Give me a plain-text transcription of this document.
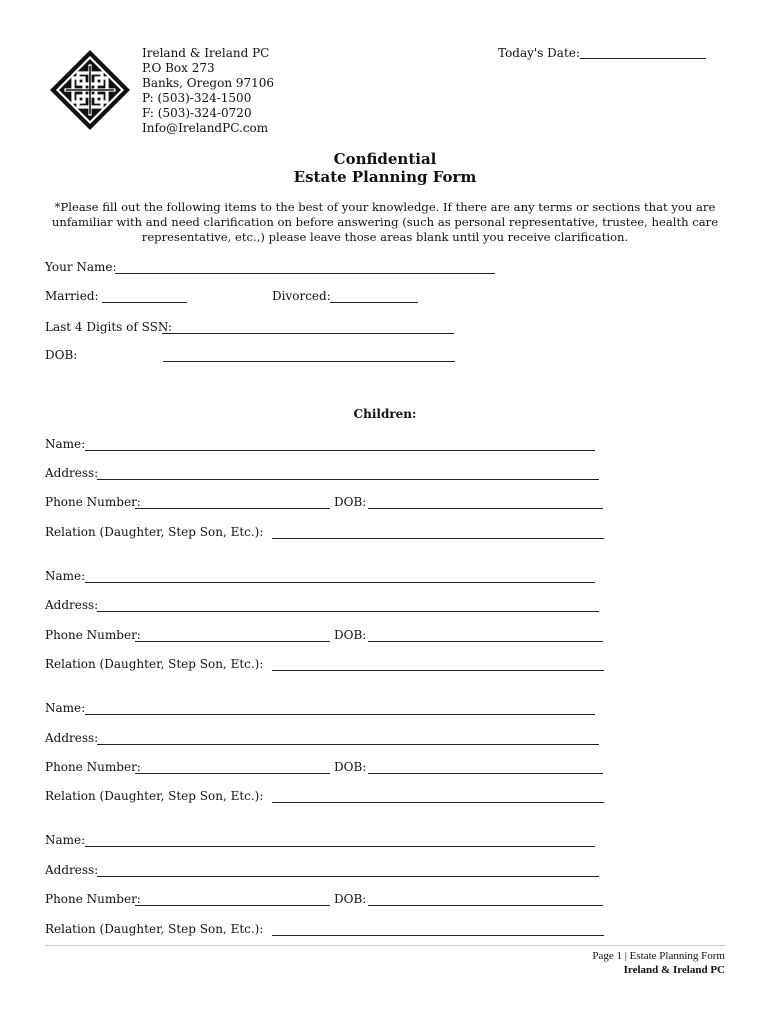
Ireland & Ireland PC
P.O Box 273
Banks, Oregon 97106
P: (503)-324-1500
F: (503)-324-0720
Info@IrelandPC.com
Today's Date:
Confidential
Estate Planning Form
*Please fill out the following items to the best of your knowledge. If there are any terms or sections that you are unfamiliar with and need clarification on before answering (such as personal representative, trustee, health care representative, etc.,) please leave those areas blank until you receive clarification.
Your Name:
Married:	Divorced:
Last 4 Digits of SSN:
DOB:
Children:
Name:
Address:
Phone Number:	DOB:
Relation (Daughter, Step Son, Etc.):
Name:
Address:
Phone Number:	DOB:
Relation (Daughter, Step Son, Etc.):
Name:
Address:
Phone Number:	DOB:
Relation (Daughter, Step Son, Etc.):
Name:
Address:
Phone Number:	DOB:
Relation (Daughter, Step Son, Etc.):
Page 1 | Estate Planning Form
Ireland & Ireland PC
